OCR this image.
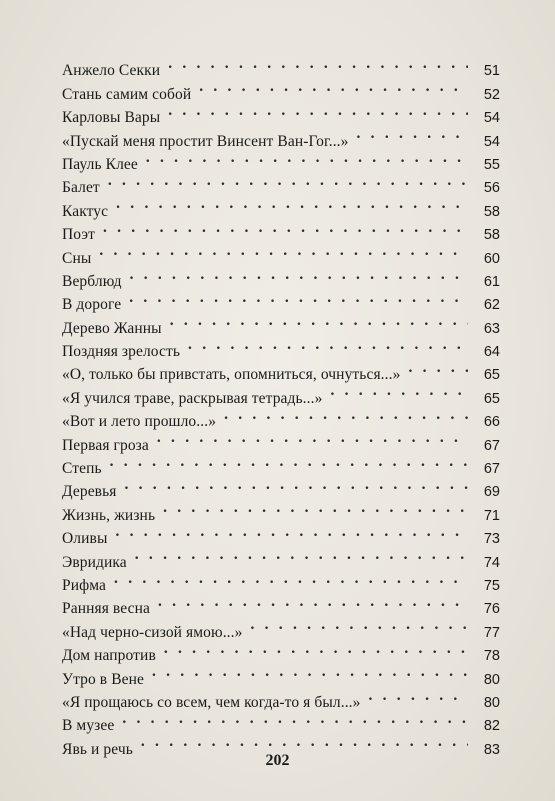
Анжело Секки . . .	51
Стань самим собой . . .	52
Карловы Вары . . .	54
«Пускай меня простит Винсент Ван-Гог...» . . .	54
Пауль Клее . . .	55
Балет . . .	56
Кактус . . .	58
Поэт . . .	58
Сны . . .	60
Верблюд . . .	61
В дороге . . .	62
Дерево Жанны . . .	63
Поздняя зрелость . . .	64
«О, только бы привстать, опомниться, очнуться...» . . .	65
«Я учился траве, раскрывая тетрадь...» . . .	65
«Вот и лето прошло...» . . .	66
Первая гроза . . .	67
Степь . . .	67
Деревья . . .	69
Жизнь, жизнь . . .	71
Оливы . . .	73
Эвридика . . .	74
Рифма . . .	75
Ранняя весна . . .	76
«Над черно-сизой ямою...» . . .	77
Дом напротив . . .	78
Утро в Вене . . .	80
«Я прощаюсь со всем, чем когда-то я был...» . . .	80
В музее . . .	82
Явь и речь . . .	83
202
